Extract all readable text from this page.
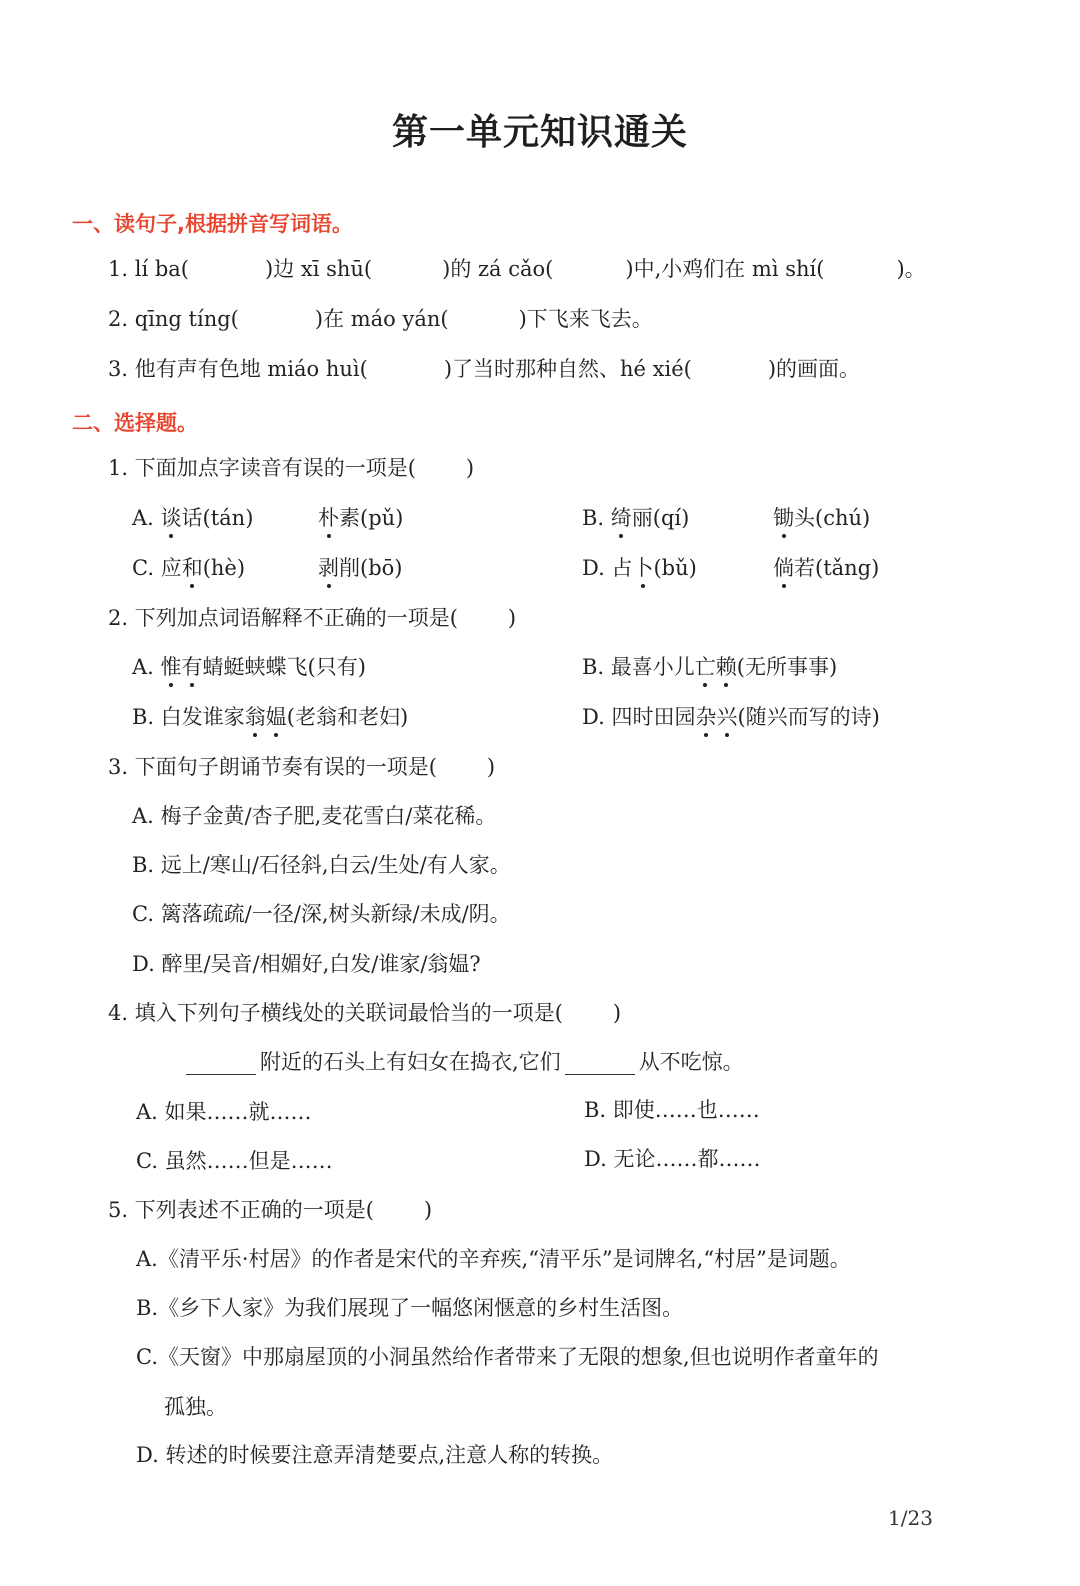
第一单元知识通关
一、读句子,根据拼音写词语。
1. lí ba(	)边 xī shū(	)的 zá cǎo(	)中,小鸡们在 mì shí(	)。
2. qīng tíng(	)在 máo yán(	)下飞来飞去。
3. 他有声有色地 miáo huì(	)了当时那种自然、hé xié(	)的画面。
二、选择题。
1. 下面加点字读音有误的一项是( )
A. 谈话(tán)	朴素(pǔ)	B. 绮丽(qí)	锄头(chú)
C. 应和(hè)	剥削(bō)	D. 占卜(bǔ)	倘若(tǎng)
2. 下列加点词语解释不正确的一项是( )
A. 惟有蜻蜓蛱蝶飞(只有)	B. 最喜小儿亡赖(无所事事)
B. 白发谁家翁媪(老翁和老妇)	D. 四时田园杂兴(随兴而写的诗)
3. 下面句子朗诵节奏有误的一项是( )
A. 梅子金黄/杏子肥,麦花雪白/菜花稀。
B. 远上/寒山/石径斜,白云/生处/有人家。
C. 篱落疏疏/一径/深,树头新绿/未成/阴。
D. 醉里/吴音/相媚好,白发/谁家/翁媪?
4. 填入下列句子横线处的关联词最恰当的一项是( )
附近的石头上有妇女在捣衣,它们	从不吃惊。
A. 如果……就……	B. 即使……也……
C. 虽然……但是……	D. 无论……都……
5. 下列表述不正确的一项是( )
A.《清平乐·村居》的作者是宋代的辛弃疾,“清平乐”是词牌名,“村居”是词题。
B.《乡下人家》为我们展现了一幅悠闲惬意的乡村生活图。
C.《天窗》中那扇屋顶的小洞虽然给作者带来了无限的想象,但也说明作者童年的
孤独。
D. 转述的时候要注意弄清楚要点,注意人称的转换。
1/23
